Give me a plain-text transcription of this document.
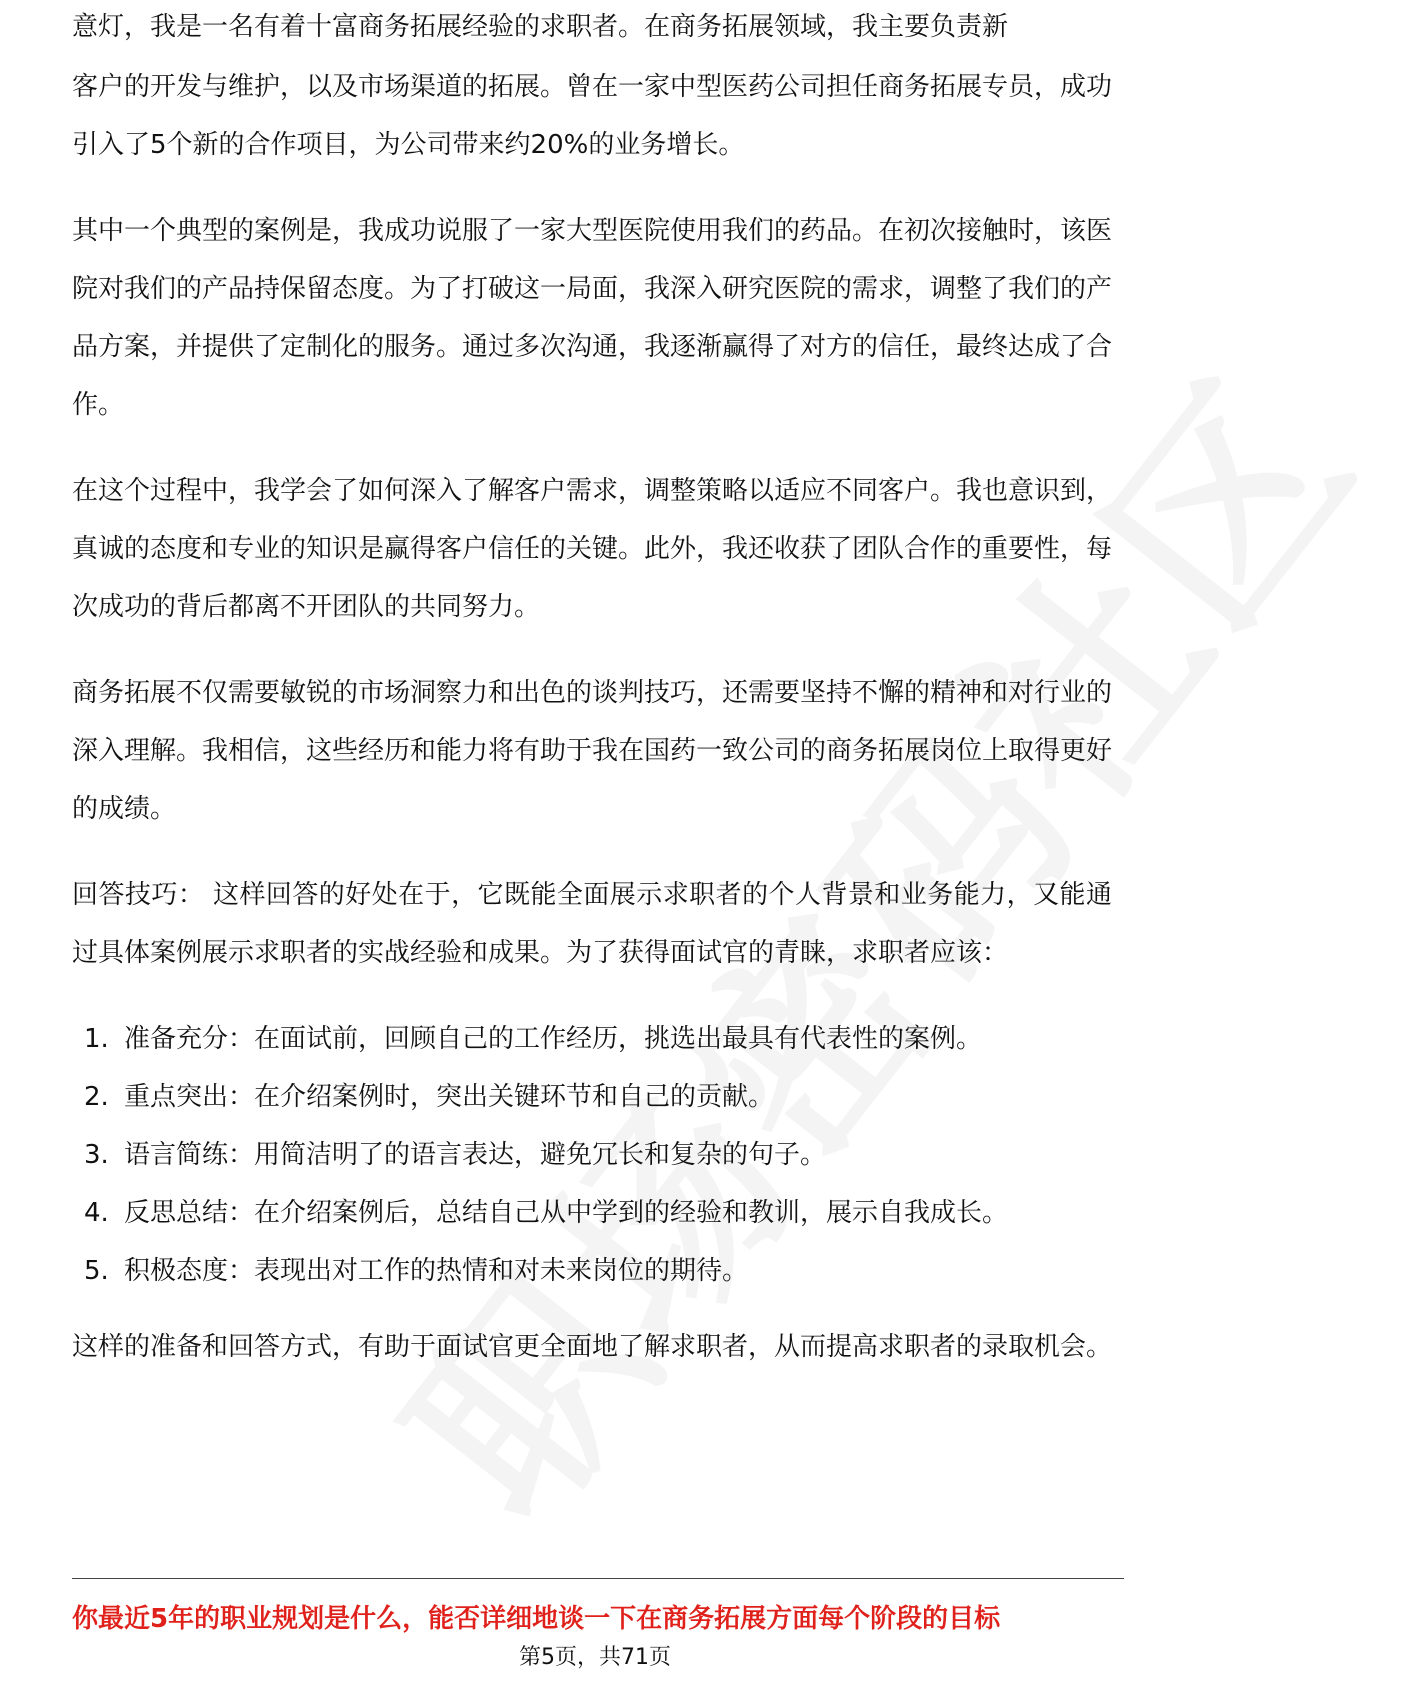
意灯，我是一名有着十富商务拓展经验的求职者。在商务拓展领域，我主要负责新

客户的开发与维护，以及市场渠道的拓展。曾在一家中型医药公司担任商务拓展专员，成功引入了5个新的合作项目，为公司带来约20%的业务增长。

其中一个典型的案例是，我成功说服了一家大型医院使用我们的药品。在初次接触时，该医院对我们的产品持保留态度。为了打破这一局面，我深入研究医院的需求，调整了我们的产品方案，并提供了定制化的服务。通过多次沟通，我逐渐赢得了对方的信任，最终达成了合作。

在这个过程中，我学会了如何深入了解客户需求，调整策略以适应不同客户。我也意识到，真诚的态度和专业的知识是赢得客户信任的关键。此外，我还收获了团队合作的重要性，每次成功的背后都离不开团队的共同努力。

商务拓展不仅需要敏锐的市场洞察力和出色的谈判技巧，还需要坚持不懈的精神和对行业的深入理解。我相信，这些经历和能力将有助于我在国药一致公司的商务拓展岗位上取得更好的成绩。

回答技巧： 这样回答的好处在于，它既能全面展示求职者的个人背景和业务能力，又能通过具体案例展示求职者的实战经验和成果。为了获得面试官的青睐，求职者应该：

1. 准备充分：在面试前，回顾自己的工作经历，挑选出最具有代表性的案例。
2. 重点突出：在介绍案例时，突出关键环节和自己的贡献。
3. 语言简练：用简洁明了的语言表达，避免冗长和复杂的句子。
4. 反思总结：在介绍案例后，总结自己从中学到的经验和教训，展示自我成长。
5. 积极态度：表现出对工作的热情和对未来岗位的期待。

这样的准备和回答方式，有助于面试官更全面地了解求职者，从而提高求职者的录取机会。

你最近5年的职业规划是什么，能否详细地谈一下在商务拓展方面每个阶段的目标
第5页，共71页
